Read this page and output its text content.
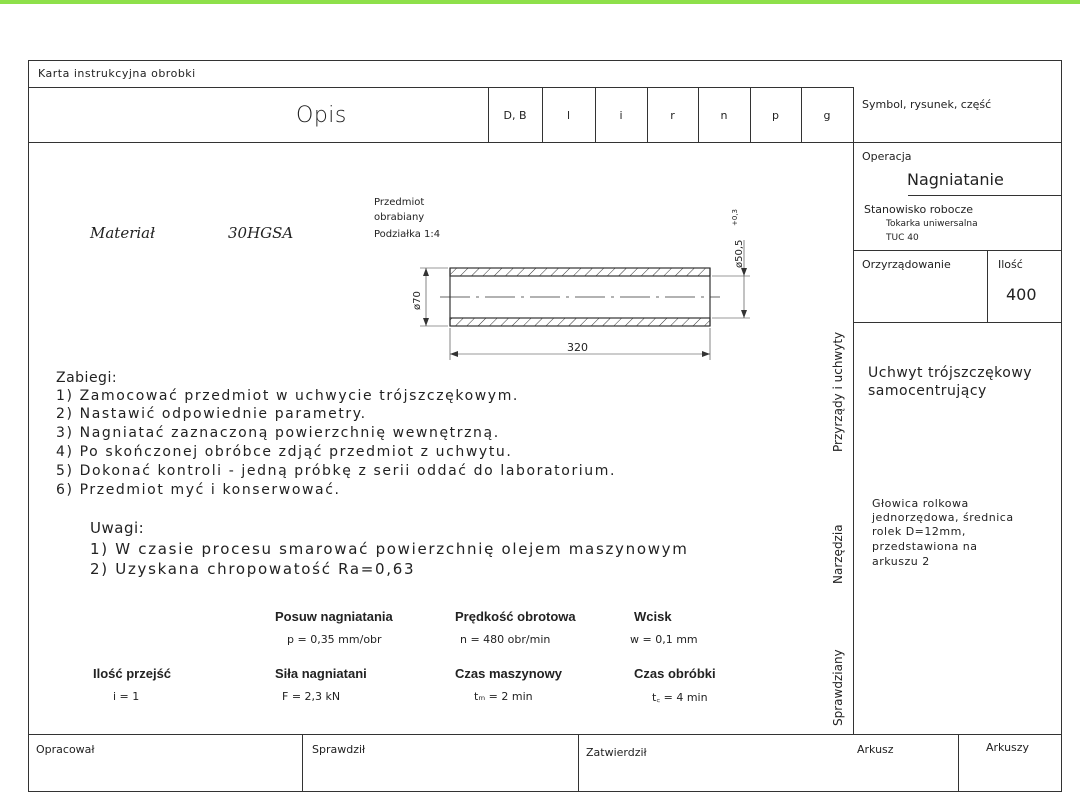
Karta instrukcyjna obrobki
Opis	D, B	l	i	r	n	p	g
Symbol, rysunek, część
Operacja
Nagniatanie
Stanowisko robocze
Tokarka uniwersalna
TUC 40
Orzyrządowanie	Ilość
400
Przyrządy i uchwyty
Narzędzia
Sprawdziany
Uchwyt trójszczękowy
samocentrujący
Głowica rolkowa
jednorzędowa, średnica
rolek D=12mm,
przedstawiona na
arkuszu 2
Materiał	30HGSA
Przedmiot
obrabiany
Podziałka 1:4
ø70
ø50,5
+0,3
320
Zabiegi:
1) Zamocować przedmiot w uchwycie trójszczękowym.
2) Nastawić odpowiednie parametry.
3) Nagniatać zaznaczoną powierzchnię wewnętrzną.
4) Po skończonej obróbce zdjąć przedmiot z uchwytu.
5) Dokonać kontroli - jedną próbkę z serii oddać do laboratorium.
6) Przedmiot myć i konserwować.
Uwagi:
1) W czasie procesu smarować powierzchnię olejem maszynowym
2) Uzyskana chropowatość Ra=0,63
Posuw nagniatania
p = 0,35 mm/obr
Prędkość obrotowa
n = 480 obr/min
Wcisk
w = 0,1 mm
Ilość przejść
i = 1
Siła nagniatani
F = 2,3 kN
Czas maszynowy
tₘ = 2 min
Czas obróbki
t꜀ = 4 min
Opracował	Sprawdził	Zatwierdził	Arkusz	Arkuszy
